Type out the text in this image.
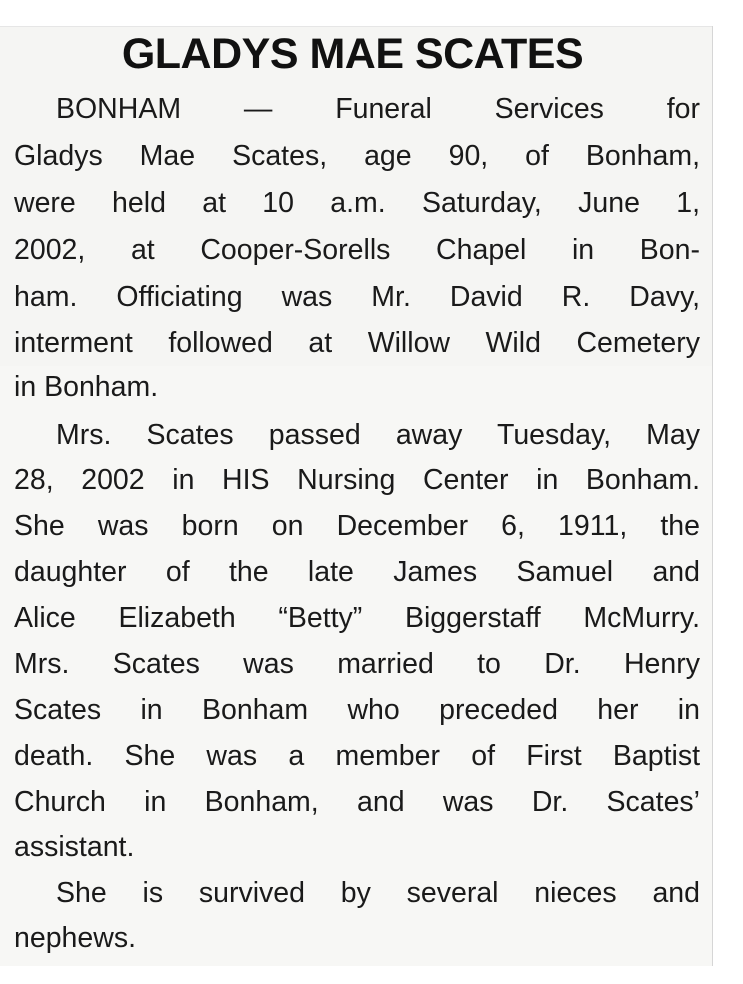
GLADYS MAE SCATES
BONHAM — Funeral Services for
Gladys Mae Scates, age 90, of Bonham,
were held at 10 a.m. Saturday, June 1,
2002, at Cooper-Sorells Chapel in Bon-
ham. Officiating was Mr. David R. Davy,
interment followed at Willow Wild Cemetery
in Bonham.
Mrs. Scates passed away Tuesday, May
28, 2002 in HIS Nursing Center in Bonham.
She was born on December 6, 1911, the
daughter of the late James Samuel and
Alice Elizabeth “Betty” Biggerstaff McMurry.
Mrs. Scates was married to Dr. Henry
Scates in Bonham who preceded her in
death. She was a member of First Baptist
Church in Bonham, and was Dr. Scates’
assistant.
She is survived by several nieces and
nephews.
